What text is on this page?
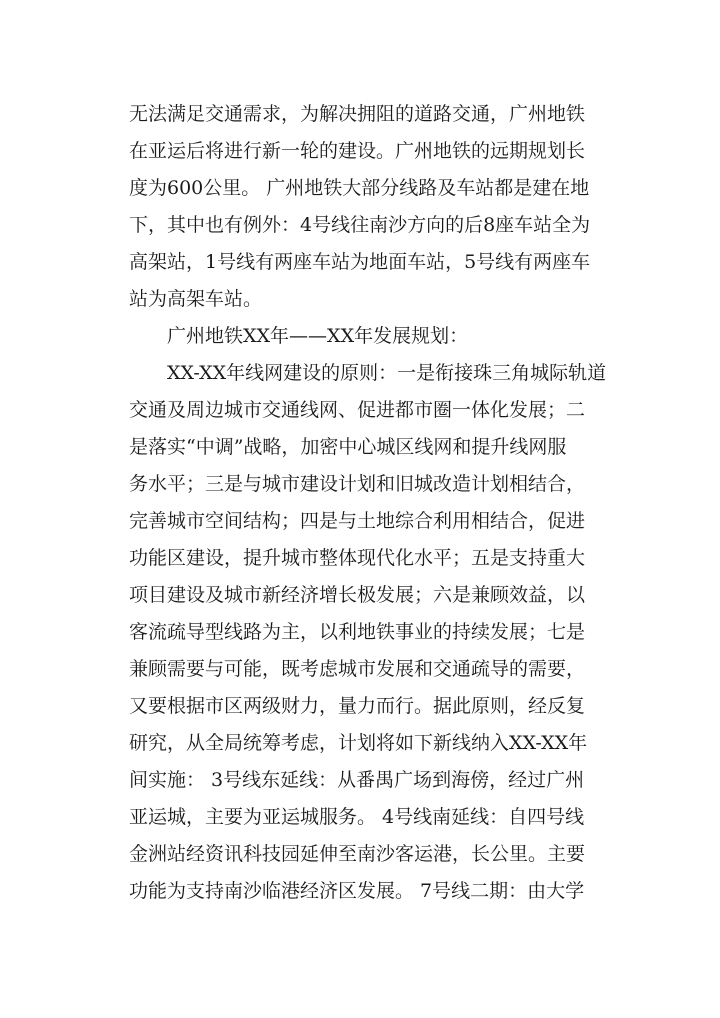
无法满足交通需求，为解决拥阻的道路交通，广州地铁
在亚运后将进行新一轮的建设。广州地铁的远期规划长
度为600公里。 广州地铁大部分线路及车站都是建在地
下，其中也有例外：4号线往南沙方向的后8座车站全为
高架站，1号线有两座车站为地面车站，5号线有两座车
站为高架车站。
广州地铁XX年——XX年发展规划：
XX-XX年线网建设的原则：一是衔接珠三角城际轨道
交通及周边城市交通线网、促进都市圈一体化发展；二
是落实“中调”战略，加密中心城区线网和提升线网服
务水平；三是与城市建设计划和旧城改造计划相结合，
完善城市空间结构；四是与土地综合利用相结合，促进
功能区建设，提升城市整体现代化水平；五是支持重大
项目建设及城市新经济增长极发展；六是兼顾效益，以
客流疏导型线路为主，以利地铁事业的持续发展；七是
兼顾需要与可能，既考虑城市发展和交通疏导的需要，
又要根据市区两级财力，量力而行。据此原则，经反复
研究，从全局统筹考虑，计划将如下新线纳入XX-XX年
间实施： 3号线东延线：从番禺广场到海傍，经过广州
亚运城，主要为亚运城服务。 4号线南延线：自四号线
金洲站经资讯科技园延伸至南沙客运港，长公里。主要
功能为支持南沙临港经济区发展。 7号线二期：由大学
